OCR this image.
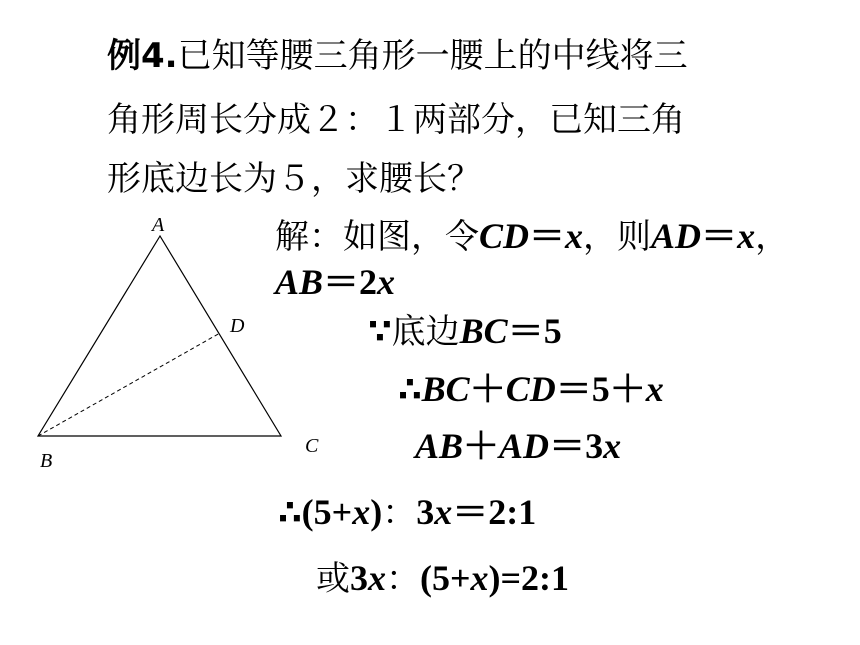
A
D
B
C
例4.已知等腰三角形一腰上的中线将三
角形周长分成２：１两部分，已知三角
形底边长为５，求腰长？
解：如图，令CD＝x，则AD＝x，
AB＝2x
∵底边BC＝5
∴BC＋CD＝5＋x
AB＋AD＝3x
∴(5+x)：3x＝2:1
或3x：(5+x)=2:1
